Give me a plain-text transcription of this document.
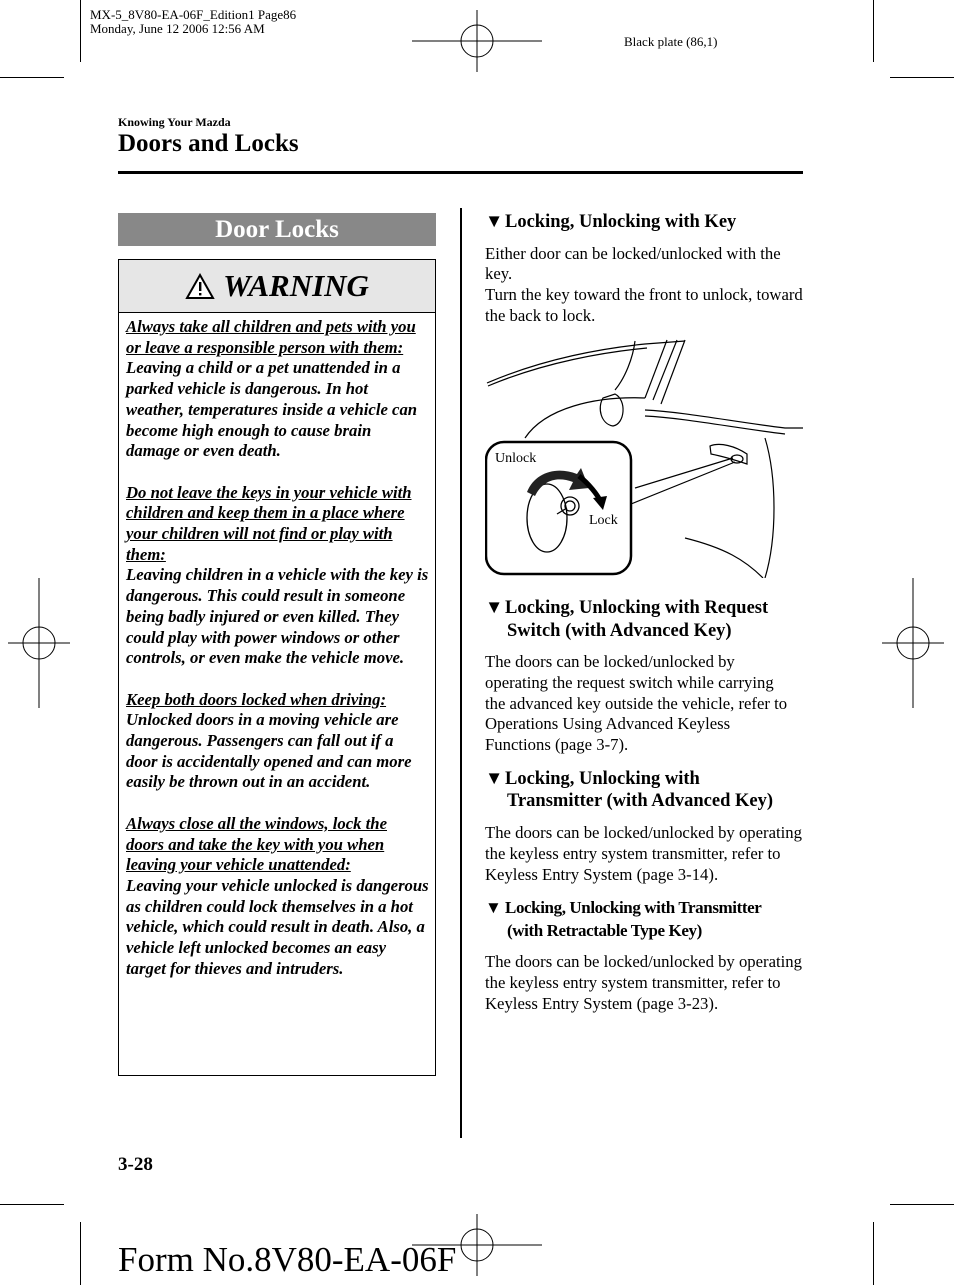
MX-5_8V80-EA-06F_Edition1 Page86
Monday, June 12 2006 12:56 AM
Black plate (86,1)
Knowing Your Mazda
Doors and Locks
Door Locks
WARNING
Always take all children and pets with you or leave a responsible person with them:
Leaving a child or a pet unattended in a parked vehicle is dangerous. In hot weather, temperatures inside a vehicle can become high enough to cause brain damage or even death.
Do not leave the keys in your vehicle with children and keep them in a place where your children will not find or play with them:
Leaving children in a vehicle with the key is dangerous. This could result in someone being badly injured or even killed. They could play with power windows or other controls, or even make the vehicle move.
Keep both doors locked when driving:
Unlocked doors in a moving vehicle are dangerous. Passengers can fall out if a door is accidentally opened and can more easily be thrown out in an accident.
Always close all the windows, lock the doors and take the key with you when leaving your vehicle unattended:
Leaving your vehicle unlocked is dangerous as children could lock themselves in a hot vehicle, which could result in death. Also, a vehicle left unlocked becomes an easy target for thieves and intruders.
▼Locking, Unlocking with Key
Either door can be locked/unlocked with the key.
Turn the key toward the front to unlock, toward the back to lock.
Unlock
Lock
▼Locking, Unlocking with Request
Switch (with Advanced Key)
The doors can be locked/unlocked by operating the request switch while carrying the advanced key outside the vehicle, refer to Operations Using Advanced Keyless Functions (page 3-7).
▼Locking, Unlocking with
Transmitter (with Advanced Key)
The doors can be locked/unlocked by operating the keyless entry system transmitter, refer to Keyless Entry System (page 3-14).
▼ Locking, Unlocking with Transmitter
(with Retractable Type Key)
The doors can be locked/unlocked by operating the keyless entry system transmitter, refer to Keyless Entry System (page 3-23).
3-28
Form No.8V80-EA-06F
